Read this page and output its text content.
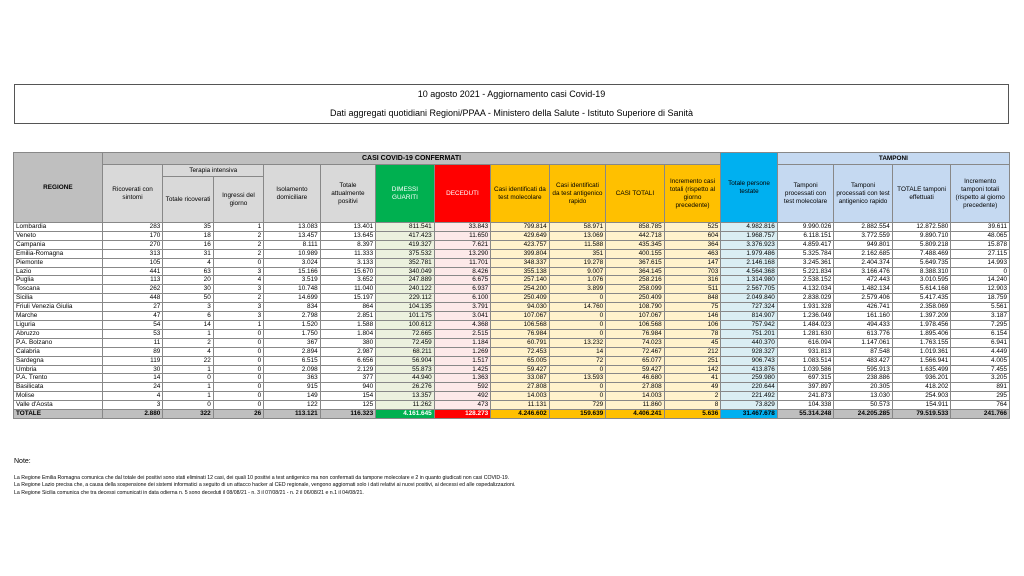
10 agosto 2021 - Aggiornamento casi Covid-19
Dati aggregati quotidiani Regioni/PPAA - Ministero della Salute - Istituto Superiore di Sanità
REGIONE	CASI COVID-19 CONFERMATI											Totale persone testate	TAMPONI			
	Ricoverati con sintomi	Terapia intensiva		Isolamento domiciliare	Totale attualmente positivi	DIMESSI GUARITI	DECEDUTI	Casi identificati da test molecolare	Casi identificati da test antigenico rapido	CASI TOTALI	Incremento casi totali (rispetto al giorno precedente)		Tamponi processati con test molecolare	Tamponi processati con test antigenico rapido	TOTALE tamponi effettuati	Incremento tamponi totali (rispetto al giorno precedente)
		Totale ricoverati	Ingressi del giorno													
Lombardia	283	35	1	13.083	13.401	811.541	33.843	799.814	58.971	858.785	525	4.982.816	9.990.026	2.882.554	12.872.580	39.611
Veneto	170	18	2	13.457	13.645	417.423	11.650	429.649	13.069	442.718	604	1.968.757	6.118.151	3.772.559	9.890.710	48.065
Campania	270	16	2	8.111	8.397	419.327	7.621	423.757	11.588	435.345	364	3.376.923	4.859.417	949.801	5.809.218	15.878
Emilia-Romagna	313	31	2	10.989	11.333	375.532	13.290	399.804	351	400.155	463	1.979.486	5.325.784	2.162.685	7.488.469	27.115
Piemonte	105	4	0	3.024	3.133	352.781	11.701	348.337	19.278	367.615	147	2.146.168	3.245.361	2.404.374	5.649.735	14.993
Lazio	441	63	3	15.166	15.670	340.049	8.426	355.138	9.007	364.145	703	4.564.368	5.221.834	3.166.476	8.388.310	0
Puglia	113	20	4	3.519	3.652	247.889	6.675	257.140	1.076	258.216	316	1.314.980	2.538.152	472.443	3.010.595	14.240
Toscana	262	30	3	10.748	11.040	240.122	6.937	254.200	3.899	258.099	511	2.567.705	4.132.034	1.482.134	5.614.168	12.903
Sicilia	448	50	2	14.699	15.197	229.112	6.100	250.409	0	250.409	848	2.049.840	2.838.029	2.579.406	5.417.435	18.759
Friuli Venezia Giulia	27	3	3	834	864	104.135	3.791	94.030	14.760	108.790	75	727.324	1.931.328	426.741	2.358.069	5.561
Marche	47	6	3	2.798	2.851	101.175	3.041	107.067	0	107.067	146	814.907	1.236.049	161.160	1.397.209	3.187
Liguria	54	14	1	1.520	1.588	100.612	4.368	106.568	0	106.568	106	757.942	1.484.023	494.433	1.978.456	7.295
Abruzzo	53	1	0	1.750	1.804	72.665	2.515	76.984	0	76.984	78	751.201	1.281.630	613.776	1.895.406	6.154
P.A. Bolzano	11	2	0	367	380	72.459	1.184	60.791	13.232	74.023	45	440.370	616.094	1.147.061	1.763.155	6.941
Calabria	89	4	0	2.894	2.987	68.211	1.269	72.453	14	72.467	212	928.327	931.813	87.548	1.019.361	4.449
Sardegna	119	22	0	6.515	6.656	56.904	1.517	65.005	72	65.077	251	906.743	1.083.514	483.427	1.566.941	4.005
Umbria	30	1	0	2.098	2.129	55.873	1.425	59.427	0	59.427	142	413.876	1.039.586	595.913	1.635.499	7.455
P.A. Trento	14	0	0	363	377	44.940	1.363	33.087	13.593	46.680	41	259.980	697.315	238.886	936.201	3.205
Basilicata	24	1	0	915	940	26.276	592	27.808	0	27.808	49	220.644	397.897	20.305	418.202	891
Molise	4	1	0	149	154	13.357	492	14.003	0	14.003	2	221.492	241.873	13.030	254.903	295
Valle d'Aosta	3	0	0	122	125	11.262	473	11.131	729	11.860	8	73.829	104.338	50.573	154.911	764
TOTALE	2.880	322	26	113.121	116.323	4.161.645	128.273	4.246.602	159.639	4.406.241	5.636	31.467.678	55.314.248	24.205.285	79.519.533	241.766
Note:
La Regione Emilia Romagna comunica che dal totale dei positivi sono stati eliminati 12 casi, dei quali 10 positivi a test antigenico ma non confermati da tampone molecolare e 2 in quanto giudicati non casi COVID-19.
La Regione Lazio precisa che, a causa della sospensione dei sistemi informatici a seguito di un attacco hacker al CED regionale, vengono aggiornati solo i dati relativi ai nuovi positivi, ai decessi ed alle ospedalizzazioni.
La Regione Sicilia comunica che tra decessi comunicati in data odierna n. 5 sono deceduti il 08/08/21 - n. 3 il 07/08/21 - n. 2 il 06/08/21 e n.1 il 04/08/21.
